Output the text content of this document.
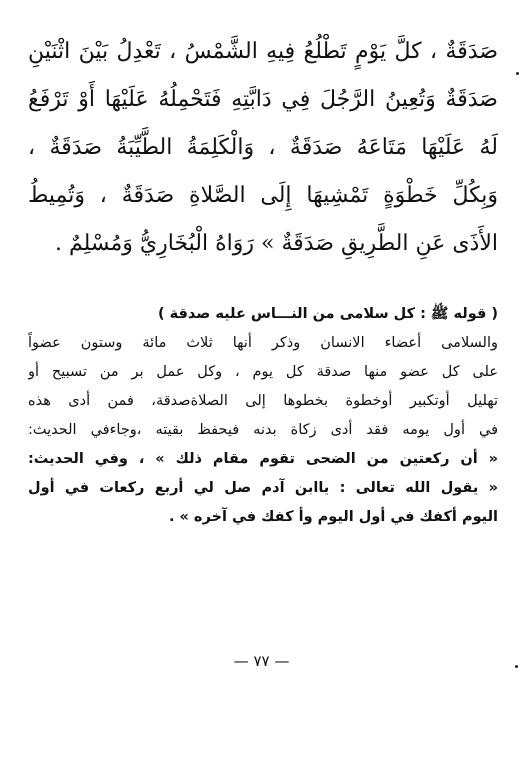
صَدَقَةٌ ، كلَّ يَوْمٍ تَطْلُعُ فِيهِ الشَّمْسُ ، تَعْدِلُ بَيْنَ اثْنَيْنِ
صَدَقَةٌ وَتُعِينُ الرَّجُلَ فِي دَابَّتِهِ فَتَحْمِلُهُ عَلَيْهَا أَوْ تَرْفَعُ
لَهُ عَلَيْهَا مَتَاعَهُ صَدَقَةٌ ، وَالْكَلِمَةُ الطَّيِّبَةُ صَدَقَةٌ ،
وَبِكُلِّ خَطْوَةٍ تَمْشِيهَا إِلَى الصَّلاةِ صَدَقَةٌ ، وَتُمِيطُ
الأَذَى عَنِ الطَّرِيقِ صَدَقَةٌ » رَوَاهُ الْبُخَارِيُّ وَمُسْلِمٌ .
( قوله ﷺ : كل سلامى من النـــاس عليه صدقة )
والسلامى أعضاء الانسان وذكر أنها ثلاث مائة وستون عضواً
على كل عضو منها صدقة كل يوم ، وكل عمل بر من تسبيح أو
تهليل أوتكبير أوخطوة بخطوها إلى الصلاةصدقة، فمن أدى هذه
في أول يومه فقد أدى زكاة بدنه فيحفظ بقيته ،وجاءفي الحديث:
« أن ركعتين من الضحى تقوم مقام ذلك » ، وفي الحديث:
« يقول الله تعالى : ياابن آدم صل لي أربع ركعات في أول
اليوم أكفك في أول اليوم وأ كفك في آخره » .
— ٧٧ —
